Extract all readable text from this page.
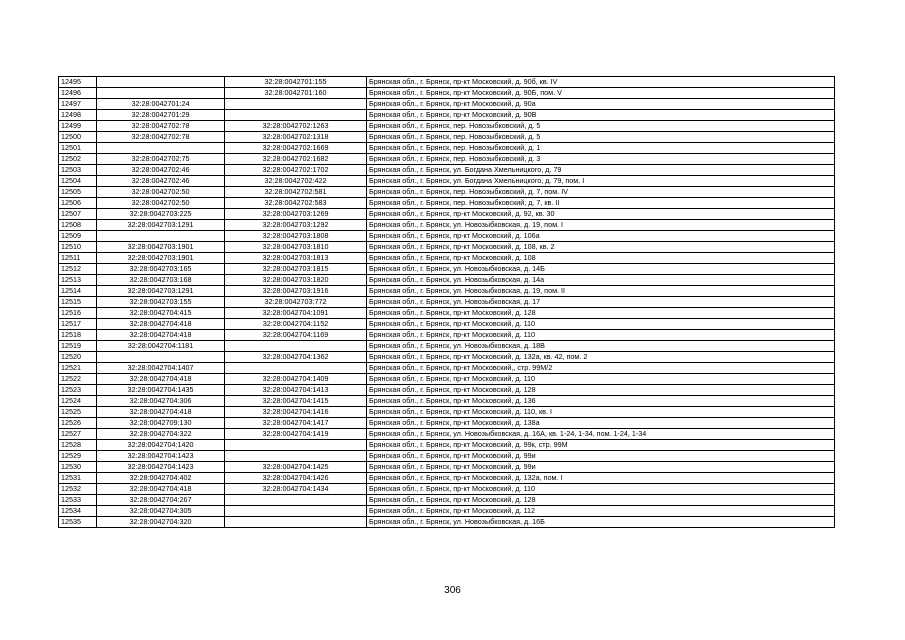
12495		32:28:0042701:155	Брянская обл., г. Брянск, пр-кт Московский, д. 90б, кв. IV
12496		32:28:0042701:160	Брянская обл., г. Брянск, пр-кт Московский, д. 90Б, пом. V
12497	32:28:0042701:24		Брянская обл., г. Брянск, пр-кт Московский, д. 90а
12498	32:28:0042701:29		Брянская обл., г. Брянск, пр-кт Московский, д. 90В
12499	32:28:0042702:78	32:28:0042702:1263	Брянская обл., г. Брянск, пер. Новозыбковский, д. 5
12500	32:28:0042702:78	32:28:0042702:1318	Брянская обл., г. Брянск, пер. Новозыбковский, д. 5
12501		32:28:0042702:1669	Брянская обл., г. Брянск, пер. Новозыбковский, д. 1
12502	32:28:0042702:75	32:28:0042702:1682	Брянская обл., г. Брянск, пер. Новозыбковский, д. 3
12503	32:28:0042702:46	32:28:0042702:1702	Брянская обл., г. Брянск, ул. Богдана Хмельницкого, д. 79
12504	32:28:0042702:46	32:28:0042702:422	Брянская обл., г. Брянск, ул. Богдана Хмельницкого, д. 79, пом. I
12505	32:28:0042702:50	32:28:0042702:581	Брянская обл., г. Брянск, пер. Новозыбковский, д. 7, пом. IV
12506	32:28:0042702:50	32:28:0042702:583	Брянская обл., г. Брянск, пер. Новозыбковский, д. 7, кв. II
12507	32:28:0042703:225	32:28:0042703:1269	Брянская обл., г. Брянск, пр-кт Московский, д. 92, кв. 30
12508	32:28:0042703:1291	32:28:0042703:1292	Брянская обл., г. Брянск, ул. Новозыбковская, д. 19, пом. I
12509		32:28:0042703:1808	Брянская обл., г. Брянск, пр-кт Московский, д. 106а
12510	32:28:0042703:1901	32:28:0042703:1810	Брянская обл., г. Брянск, пр-кт Московский, д. 108, кв. 2
12511	32:28:0042703:1901	32:28:0042703:1813	Брянская обл., г. Брянск, пр-кт Московский, д. 108
12512	32:28:0042703:165	32:28:0042703:1815	Брянская обл., г. Брянск, ул. Новозыбковская, д. 14Б
12513	32:28:0042703:168	32:28:0042703:1820	Брянская обл., г. Брянск, ул. Новозыбковская, д. 14а
12514	32:28:0042703:1291	32:28:0042703:1916	Брянская обл., г. Брянск, ул. Новозыбковская, д. 19, пом. II
12515	32:28:0042703:155	32:28:0042703:772	Брянская обл., г. Брянск, ул. Новозыбковская, д. 17
12516	32:28:0042704:415	32:28:0042704:1091	Брянская обл., г. Брянск, пр-кт Московский, д. 128
12517	32:28:0042704:418	32:28:0042704:1152	Брянская обл., г. Брянск, пр-кт Московский, д. 110
12518	32:28:0042704:418	32:28:0042704:1169	Брянская обл., г. Брянск, пр-кт Московский, д. 110
12519	32:28:0042704:1181		Брянская обл., г. Брянск, ул. Новозыбковская, д. 18В
12520		32:28:0042704:1362	Брянская обл., г. Брянск, пр-кт Московский, д. 132а, кв. 42, пом. 2
12521	32:28:0042704:1407		Брянская обл., г. Брянск, пр-кт Московский,, стр. 99М/2
12522	32:28:0042704:418	32:28:0042704:1409	Брянская обл., г. Брянск, пр-кт Московский, д. 110
12523	32:28:0042704:1435	32:28:0042704:1413	Брянская обл., г. Брянск, пр-кт Московский, д. 128
12524	32:28:0042704:306	32:28:0042704:1415	Брянская обл., г. Брянск, пр-кт Московский, д. 136
12525	32:28:0042704:418	32:28:0042704:1416	Брянская обл., г. Брянск, пр-кт Московский, д. 110, кв. I
12526	32:28:0042709:130	32:28:0042704:1417	Брянская обл., г. Брянск, пр-кт Московский, д. 138а
12527	32:28:0042704:322	32:28:0042704:1419	Брянская обл., г. Брянск, ул. Новозыбковская, д. 16А, кв. 1-24, 1-34, пом. 1-24, 1-34
12528	32:28:0042704:1420		Брянская обл., г. Брянск, пр-кт Московский, д. 99к, стр. 99М
12529	32:28:0042704:1423		Брянская обл., г. Брянск, пр-кт Московский, д. 99и
12530	32:28:0042704:1423	32:28:0042704:1425	Брянская обл., г. Брянск, пр-кт Московский, д. 99и
12531	32:28:0042704:402	32:28:0042704:1426	Брянская обл., г. Брянск, пр-кт Московский, д. 132а, пом. I
12532	32:28:0042704:418	32:28:0042704:1434	Брянская обл., г. Брянск, пр-кт Московский, д. 110
12533	32:28:0042704:267		Брянская обл., г. Брянск, пр-кт Московский, д. 128
12534	32:28:0042704:305		Брянская обл., г. Брянск, пр-кт Московский, д. 112
12535	32:28:0042704:320		Брянская обл., г. Брянск, ул. Новозыбковская, д. 16Б
306
